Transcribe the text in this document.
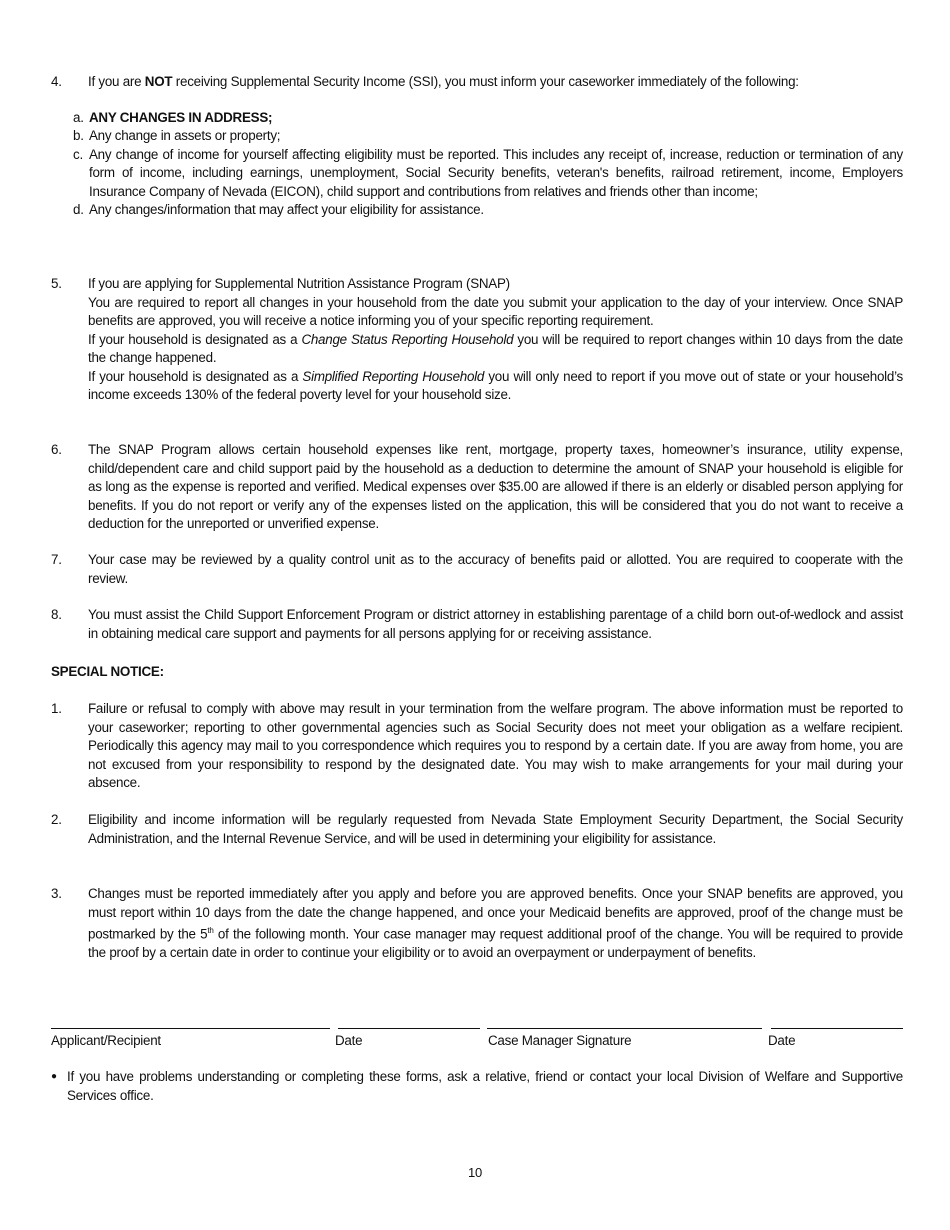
4.	If you are NOT receiving Supplemental Security Income (SSI), you must inform your caseworker immediately of the following:
a. ANY CHANGES IN ADDRESS;
b. Any change in assets or property;
c. Any change of income for yourself affecting eligibility must be reported. This includes any receipt of, increase, reduction or termination of any form of income, including earnings, unemployment, Social Security benefits, veteran's benefits, railroad retirement, income, Employers Insurance Company of Nevada (EICON), child support and contributions from relatives and friends other than income;
d. Any changes/information that may affect your eligibility for assistance.
5.	If you are applying for Supplemental Nutrition Assistance Program (SNAP)
You are required to report all changes in your household from the date you submit your application to the day of your interview. Once SNAP benefits are approved, you will receive a notice informing you of your specific reporting requirement.
If your household is designated as a Change Status Reporting Household you will be required to report changes within 10 days from the date the change happened.
If your household is designated as a Simplified Reporting Household you will only need to report if you move out of state or your household’s income exceeds 130% of the federal poverty level for your household size.
6.	The SNAP Program allows certain household expenses like rent, mortgage, property taxes, homeowner’s insurance, utility expense, child/dependent care and child support paid by the household as a deduction to determine the amount of SNAP your household is eligible for as long as the expense is reported and verified. Medical expenses over $35.00 are allowed if there is an elderly or disabled person applying for benefits. If you do not report or verify any of the expenses listed on the application, this will be considered that you do not want to receive a deduction for the unreported or unverified expense.
7.	Your case may be reviewed by a quality control unit as to the accuracy of benefits paid or allotted. You are required to cooperate with the review.
8.	You must assist the Child Support Enforcement Program or district attorney in establishing parentage of a child born out-of-wedlock and assist in obtaining medical care support and payments for all persons applying for or receiving assistance.
SPECIAL NOTICE:
1.	Failure or refusal to comply with above may result in your termination from the welfare program. The above information must be reported to your caseworker; reporting to other governmental agencies such as Social Security does not meet your obligation as a welfare recipient. Periodically this agency may mail to you correspondence which requires you to respond by a certain date. If you are away from home, you are not excused from your responsibility to respond by the designated date. You may wish to make arrangements for your mail during your absence.
2.	Eligibility and income information will be regularly requested from Nevada State Employment Security Department, the Social Security Administration, and the Internal Revenue Service, and will be used in determining your eligibility for assistance.
3.	Changes must be reported immediately after you apply and before you are approved benefits. Once your SNAP benefits are approved, you must report within 10 days from the date the change happened, and once your Medicaid benefits are approved, proof of the change must be postmarked by the 5th of the following month. Your case manager may request additional proof of the change. You will be required to provide the proof by a certain date in order to continue your eligibility or to avoid an overpayment or underpayment of benefits.
Applicant/Recipient	Date	Case Manager Signature	Date
● If you have problems understanding or completing these forms, ask a relative, friend or contact your local Division of Welfare and Supportive Services office.
10
